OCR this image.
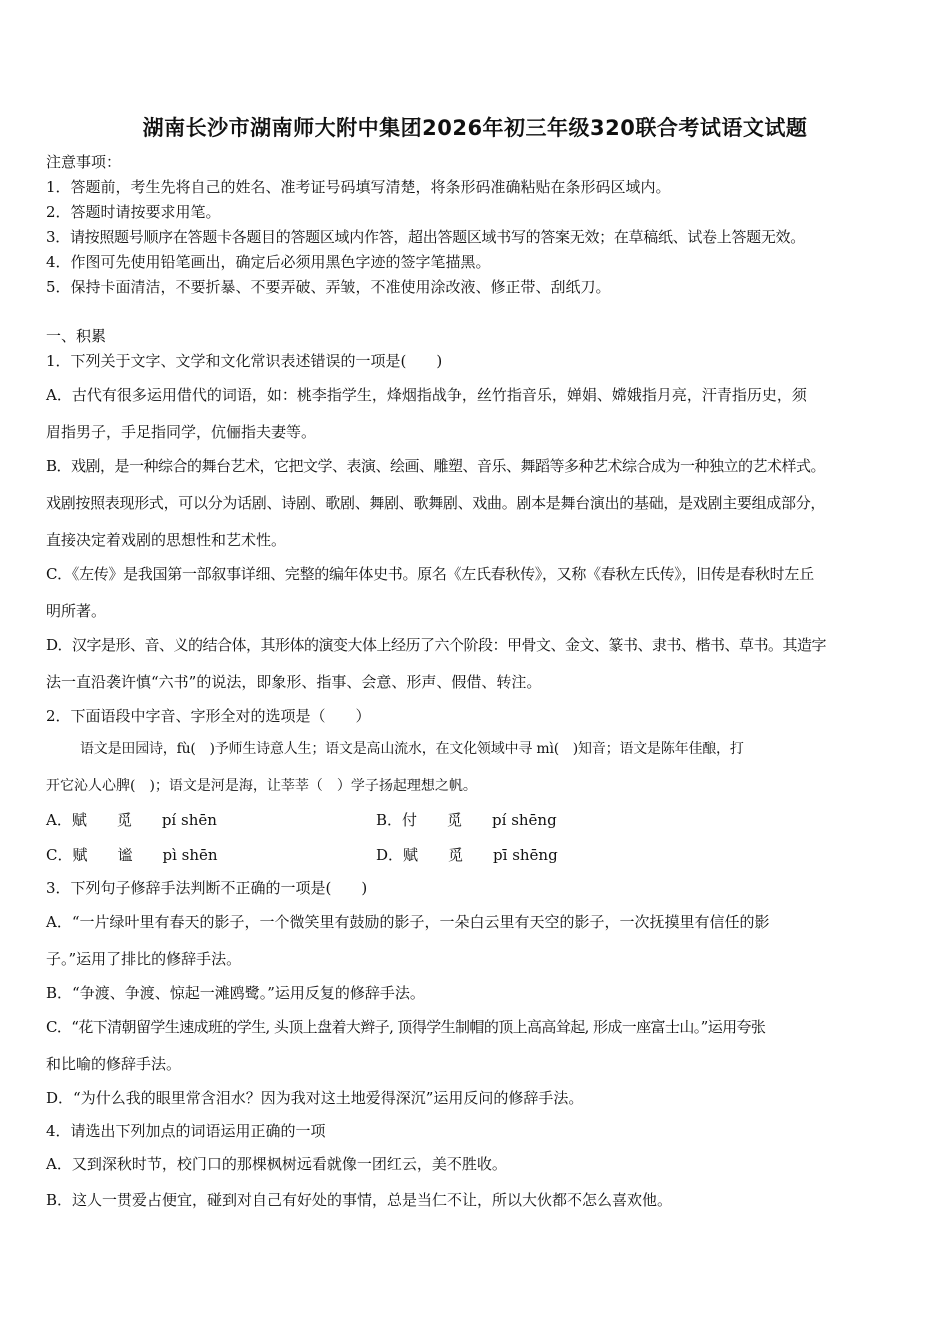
湖南长沙市湖南师大附中集团2026年初三年级320联合考试语文试题
注意事项：
1．答题前，考生先将自己的姓名、准考证号码填写清楚，将条形码准确粘贴在条形码区域内。
2．答题时请按要求用笔。
3．请按照题号顺序在答题卡各题目的答题区域内作答，超出答题区域书写的答案无效；在草稿纸、试卷上答题无效。
4．作图可先使用铅笔画出，确定后必须用黑色字迹的签字笔描黑。
5．保持卡面清洁，不要折暴、不要弄破、弄皱，不准使用涂改液、修正带、刮纸刀。
一、积累
1．下列关于文字、文学和文化常识表述错误的一项是(　　)
A．古代有很多运用借代的词语，如：桃李指学生，烽烟指战争，丝竹指音乐，婵娟、嫦娥指月亮，汗青指历史，须
眉指男子，手足指同学，伉俪指夫妻等。
B．戏剧，是一种综合的舞台艺术，它把文学、表演、绘画、雕塑、音乐、舞蹈等多种艺术综合成为一种独立的艺术样式。
戏剧按照表现形式，可以分为话剧、诗剧、歌剧、舞剧、歌舞剧、戏曲。剧本是舞台演出的基础，是戏剧主要组成部分，
直接决定着戏剧的思想性和艺术性。
C．《左传》是我国第一部叙事详细、完整的编年体史书。原名《左氏春秋传》，又称《春秋左氏传》，旧传是春秋时左丘
明所著。
D．汉字是形、音、义的结合体，其形体的演变大体上经历了六个阶段：甲骨文、金文、篆书、隶书、楷书、草书。其造字
法一直沿袭许慎“六书”的说法，即象形、指事、会意、形声、假借、转注。
2．下面语段中字音、字形全对的选项是（　　）
语文是田园诗，fù(　)予师生诗意人生；语文是高山流水，在文化领域中寻 mì(　)知音；语文是陈年佳酿，打
开它沁人心脾(　)；语文是河是海，让莘莘（　）学子扬起理想之帆。
A．赋　　觅　　pí shēn	B．付　　觅　　pí shēng
C．赋　　谧　　pì shēn	D．赋　　觅　　pī shēng
3．下列句子修辞手法判断不正确的一项是(　　)
A．“一片绿叶里有春天的影子，一个微笑里有鼓励的影子，一朵白云里有天空的影子，一次抚摸里有信任的影
子。”运用了排比的修辞手法。
B．“争渡、争渡、惊起一滩鸥鹭。”运用反复的修辞手法。
C．“花下清朝留学生速成班的学生, 头顶上盘着大辫子, 顶得学生制帽的顶上高高耸起, 形成一座富士山。”运用夸张
和比喻的修辞手法。
D．“为什么我的眼里常含泪水？因为我对这土地爱得深沉”运用反问的修辞手法。
4．请选出下列加点的词语运用正确的一项
A．又到深秋时节，校门口的那棵枫树远看就像一团红云，美不胜收。
B．这人一贯爱占便宜，碰到对自己有好处的事情，总是当仁不让，所以大伙都不怎么喜欢他。
